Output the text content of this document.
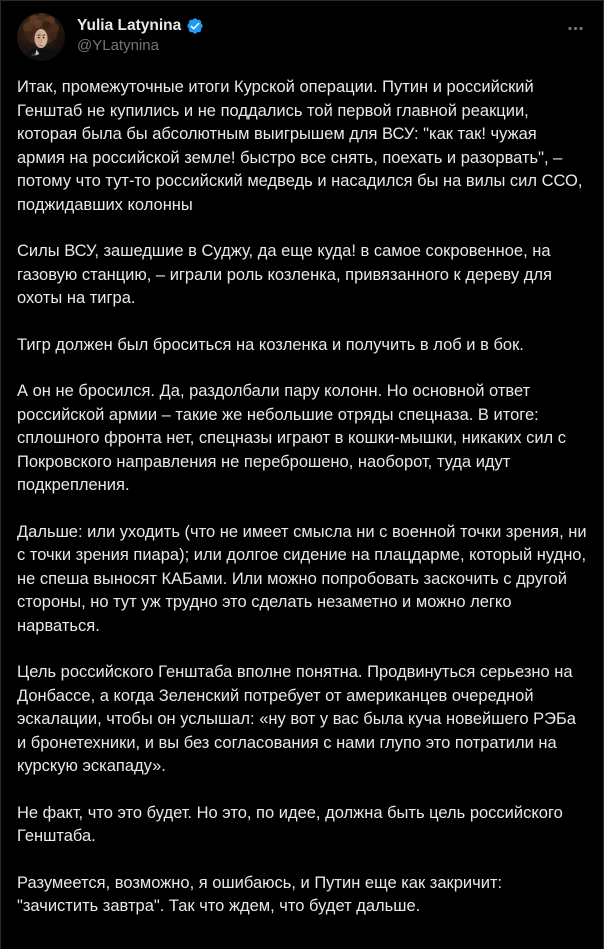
Yulia Latynina
@YLatynina

Итак, промежуточные итоги Курской операции. Путин и российский Генштаб не купились и не поддались той первой главной реакции, которая была бы абсолютным выигрышем для ВСУ: "как так! чужая армия на российской земле! быстро все снять, поехать и разорвать", – потому что тут-то российский медведь и насадился бы на вилы сил ССО, поджидавших колонны

Силы ВСУ, зашедшие в Суджу, да еще куда! в самое сокровенное, на газовую станцию, – играли роль козленка, привязанного к дереву для охоты на тигра.

Тигр должен был броситься на козленка и получить в лоб и в бок.

А он не бросился. Да, раздолбали пару колонн. Но основной ответ российской армии – такие же небольшие отряды спецназа. В итоге: сплошного фронта нет, спецназы играют в кошки-мышки, никаких сил с Покровского направления не переброшено, наоборот, туда идут подкрепления.

Дальше: или уходить (что не имеет смысла ни с военной точки зрения, ни с точки зрения пиара); или долгое сидение на плацдарме, который нудно, не спеша выносят КАБами. Или можно попробовать заскочить с другой стороны, но тут уж трудно это сделать незаметно и можно легко нарваться.

Цель российского Генштаба вполне понятна. Продвинуться серьезно на Донбассе, а когда Зеленский потребует от американцев очередной эскалации, чтобы он услышал: «ну вот у вас была куча новейшего РЭБа и бронетехники, и вы без согласования с нами глупо это потратили на курскую эскападу».

Не факт, что это будет. Но это, по идее, должна быть цель российского Генштаба.

Разумеется, возможно, я ошибаюсь, и Путин еще как закричит: "зачистить завтра". Так что ждем, что будет дальше.
